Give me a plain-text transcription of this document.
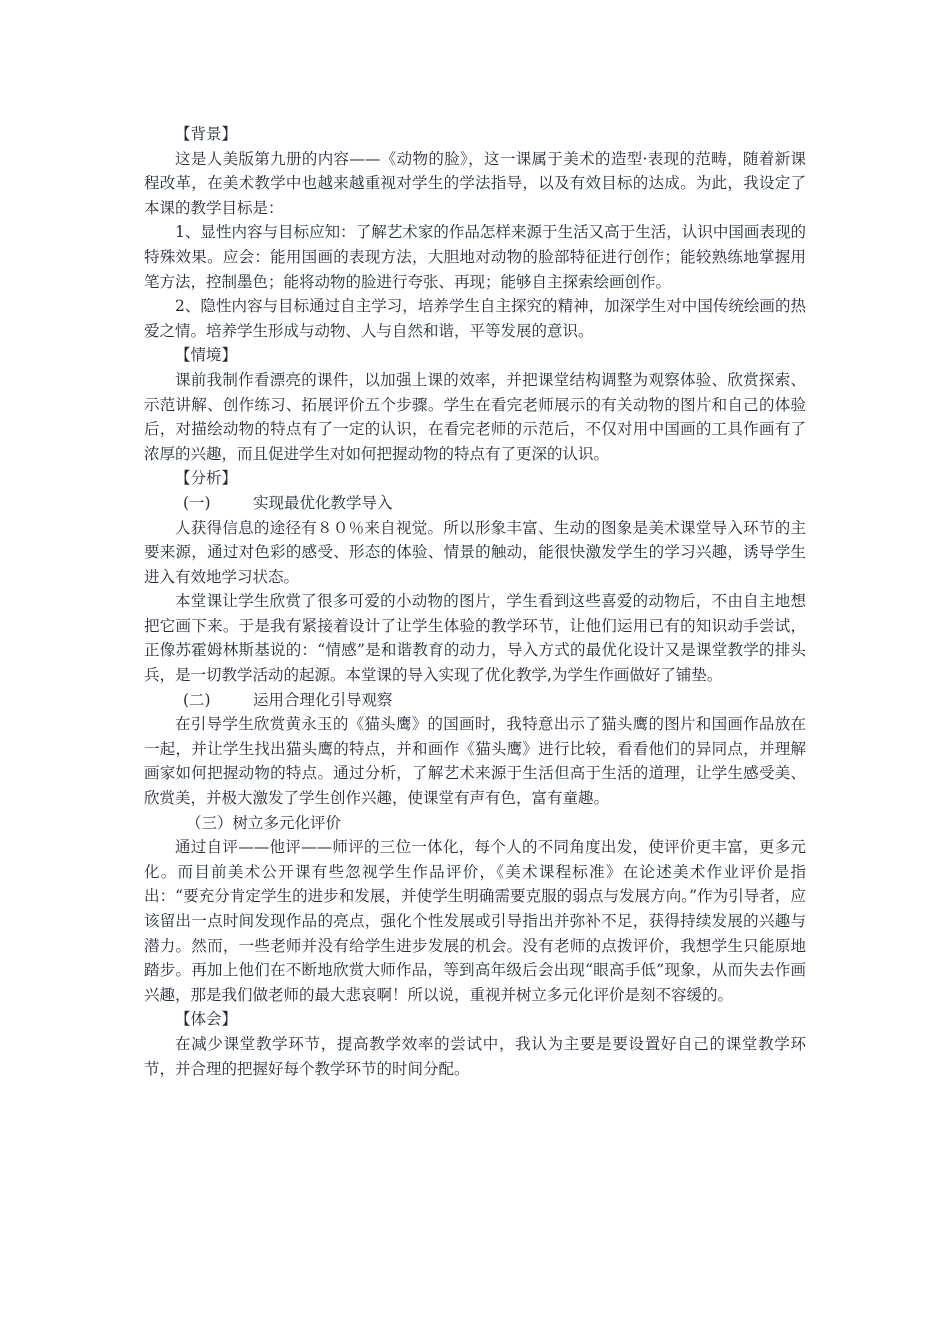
【背景】

这是人美版第九册的内容——《动物的脸》，这一课属于美术的造型·表现的范畴，随着新课程改革，在美术教学中也越来越重视对学生的学法指导，以及有效目标的达成。为此，我设定了本课的教学目标是：

1、显性内容与目标应知：了解艺术家的作品怎样来源于生活又高于生活，认识中国画表现的特殊效果。应会：能用国画的表现方法，大胆地对动物的脸部特征进行创作；能较熟练地掌握用笔方法，控制墨色；能将动物的脸进行夸张、再现；能够自主探索绘画创作。

2、隐性内容与目标通过自主学习，培养学生自主探究的精神，加深学生对中国传统绘画的热爱之情。培养学生形成与动物、人与自然和谐，平等发展的意识。

【情境】

课前我制作看漂亮的课件，以加强上课的效率，并把课堂结构调整为观察体验、欣赏探索、示范讲解、创作练习、拓展评价五个步骤。学生在看完老师展示的有关动物的图片和自己的体验后，对描绘动物的特点有了一定的认识，在看完老师的示范后，不仅对用中国画的工具作画有了浓厚的兴趣，而且促进学生对如何把握动物的特点有了更深的认识。

【分析】

(一)	实现最优化教学导入

人获得信息的途径有８０％来自视觉。所以形象丰富、生动的图象是美术课堂导入环节的主要来源，通过对色彩的感受、形态的体验、情景的触动，能很快激发学生的学习兴趣，诱导学生进入有效地学习状态。

本堂课让学生欣赏了很多可爱的小动物的图片，学生看到这些喜爱的动物后，不由自主地想把它画下来。于是我有紧接着设计了让学生体验的教学环节，让他们运用已有的知识动手尝试，正像苏霍姆林斯基说的：“情感”是和谐教育的动力，导入方式的最优化设计又是课堂教学的排头兵，是一切教学活动的起源。本堂课的导入实现了优化教学,为学生作画做好了铺垫。

(二)	运用合理化引导观察

在引导学生欣赏黄永玉的《猫头鹰》的国画时，我特意出示了猫头鹰的图片和国画作品放在一起，并让学生找出猫头鹰的特点，并和画作《猫头鹰》进行比较，看看他们的异同点，并理解画家如何把握动物的特点。通过分析，了解艺术来源于生活但高于生活的道理，让学生感受美、欣赏美，并极大激发了学生创作兴趣，使课堂有声有色，富有童趣。

（三）树立多元化评价

通过自评——他评——师评的三位一体化，每个人的不同角度出发，使评价更丰富，更多元化。而目前美术公开课有些忽视学生作品评价，《美术课程标准》在论述美术作业评价是指出：“要充分肯定学生的进步和发展，并使学生明确需要克服的弱点与发展方向。”作为引导者，应该留出一点时间发现作品的亮点，强化个性发展或引导指出并弥补不足，获得持续发展的兴趣与潜力。然而，一些老师并没有给学生进步发展的机会。没有老师的点拨评价，我想学生只能原地踏步。再加上他们在不断地欣赏大师作品，等到高年级后会出现“眼高手低”现象，从而失去作画兴趣，那是我们做老师的最大悲哀啊！所以说，重视并树立多元化评价是刻不容缓的。

【体会】

在减少课堂教学环节，提高教学效率的尝试中，我认为主要是要设置好自己的课堂教学环节，并合理的把握好每个教学环节的时间分配。
